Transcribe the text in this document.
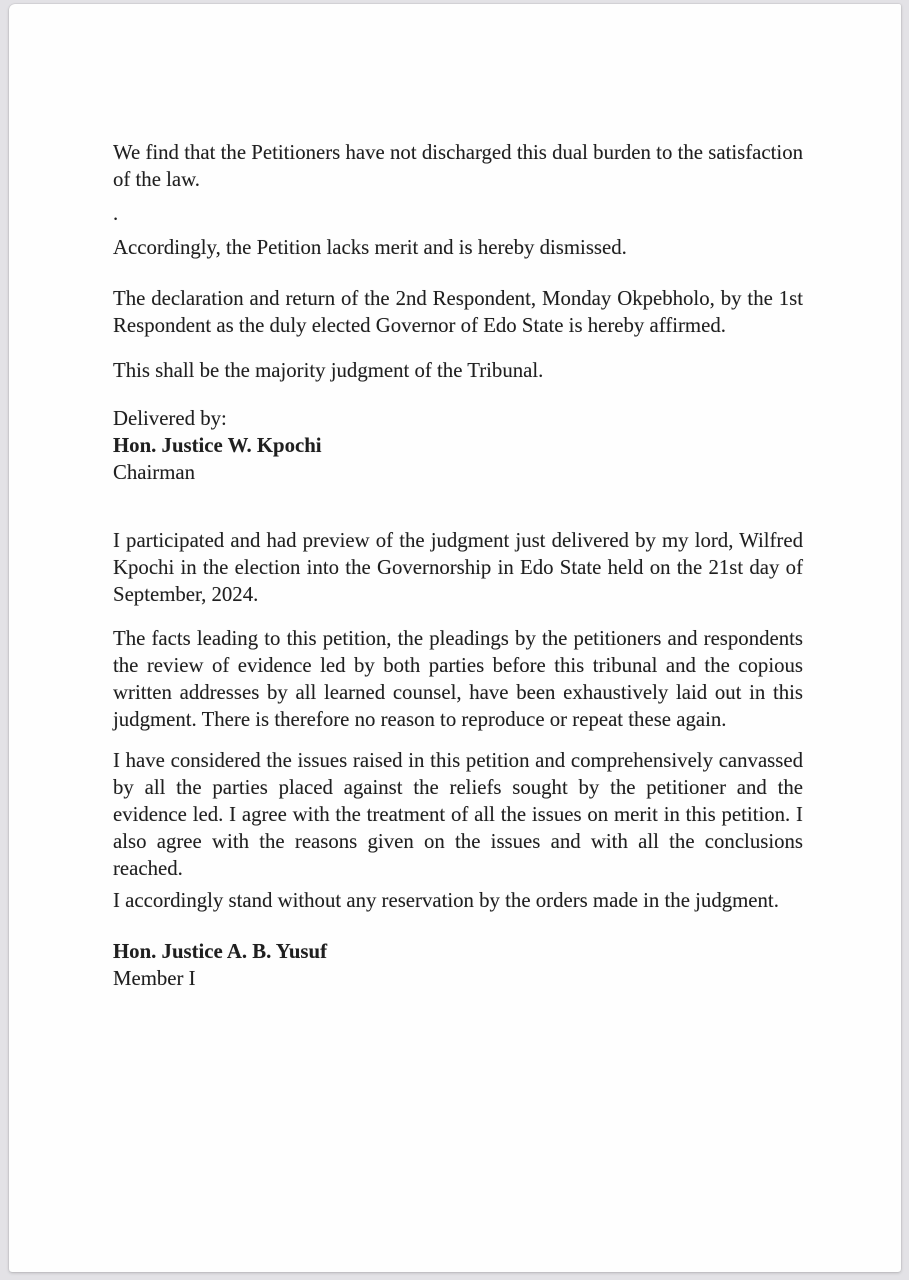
We find that the Petitioners have not discharged this dual burden to the satisfaction of the law.

.

Accordingly, the Petition lacks merit and is hereby dismissed.

The declaration and return of the 2nd Respondent, Monday Okpebholo, by the 1st Respondent as the duly elected Governor of Edo State is hereby affirmed.

This shall be the majority judgment of the Tribunal.

Delivered by:
Hon. Justice W. Kpochi
Chairman

I participated and had preview of the judgment just delivered by my lord, Wilfred Kpochi in the election into the Governorship in Edo State held on the 21st day of September, 2024.

The facts leading to this petition, the pleadings by the petitioners and respondents the review of evidence led by both parties before this tribunal and the copious written addresses by all learned counsel, have been exhaustively laid out in this judgment. There is therefore no reason to reproduce or repeat these again.

I have considered the issues raised in this petition and comprehensively canvassed by all the parties placed against the reliefs sought by the petitioner and the evidence led. I agree with the treatment of all the issues on merit in this petition. I also agree with the reasons given on the issues and with all the conclusions reached.

I accordingly stand without any reservation by the orders made in the judgment.

Hon. Justice A. B. Yusuf
Member I
